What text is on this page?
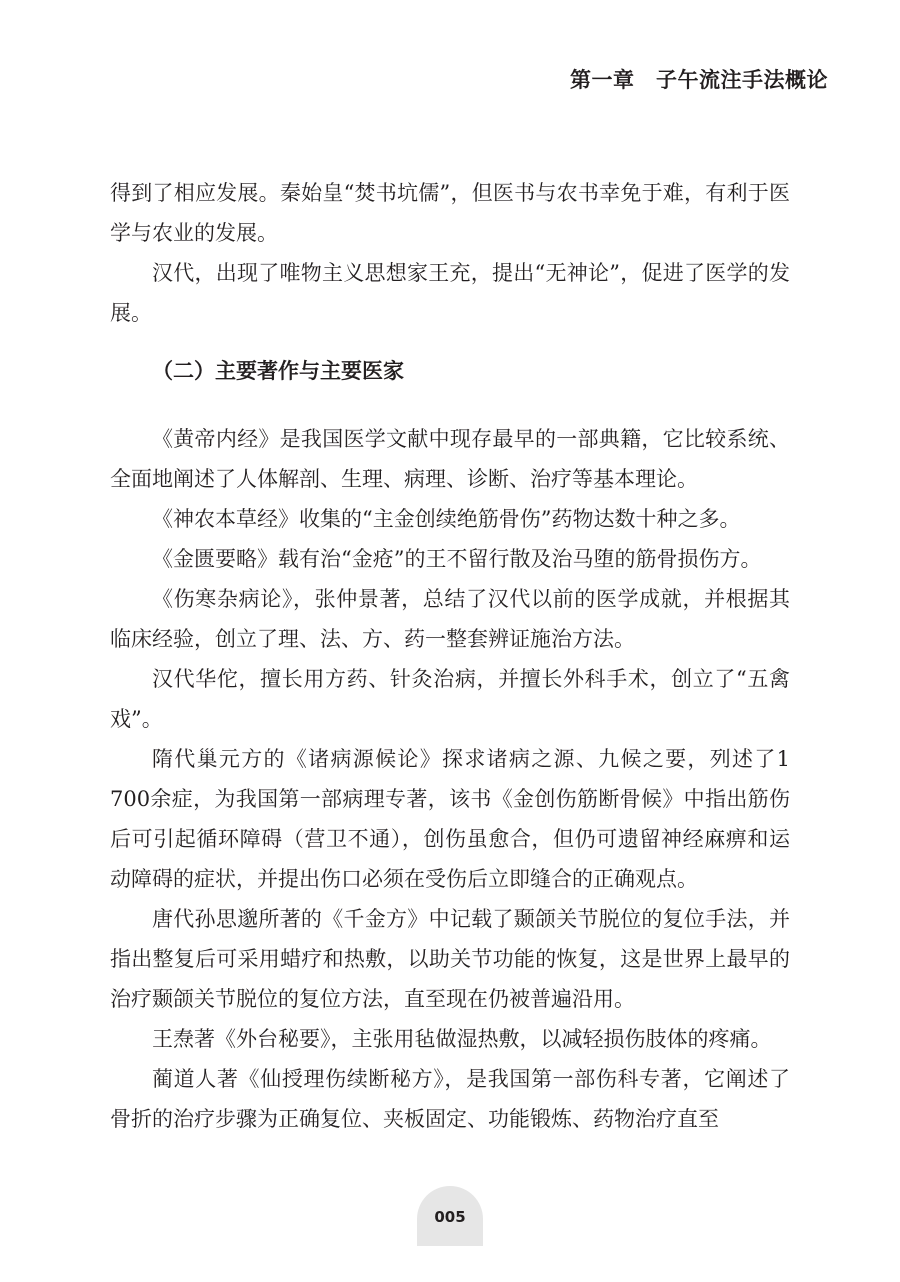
第一章　子午流注手法概论

得到了相应发展。秦始皇“焚书坑儒”，但医书与农书幸免于难，有利于医学与农业的发展。

汉代，出现了唯物主义思想家王充，提出“无神论”，促进了医学的发展。

（二）主要著作与主要医家

《黄帝内经》是我国医学文献中现存最早的一部典籍，它比较系统、全面地阐述了人体解剖、生理、病理、诊断、治疗等基本理论。

《神农本草经》收集的“主金创续绝筋骨伤”药物达数十种之多。

《金匮要略》载有治“金疮”的王不留行散及治马堕的筋骨损伤方。

《伤寒杂病论》，张仲景著，总结了汉代以前的医学成就，并根据其临床经验，创立了理、法、方、药一整套辨证施治方法。

汉代华佗，擅长用方药、针灸治病，并擅长外科手术，创立了“五禽戏”。

隋代巢元方的《诸病源候论》探求诸病之源、九候之要，列述了1 700余症，为我国第一部病理专著，该书《金创伤筋断骨候》中指出筋伤后可引起循环障碍（营卫不通），创伤虽愈合，但仍可遗留神经麻痹和运动障碍的症状，并提出伤口必须在受伤后立即缝合的正确观点。

唐代孙思邈所著的《千金方》中记载了颞颌关节脱位的复位手法，并指出整复后可采用蜡疗和热敷，以助关节功能的恢复，这是世界上最早的治疗颞颌关节脱位的复位方法，直至现在仍被普遍沿用。

王焘著《外台秘要》，主张用毡做湿热敷，以减轻损伤肢体的疼痛。

蔺道人著《仙授理伤续断秘方》，是我国第一部伤科专著，它阐述了骨折的治疗步骤为正确复位、夹板固定、功能锻炼、药物治疗直至

005
